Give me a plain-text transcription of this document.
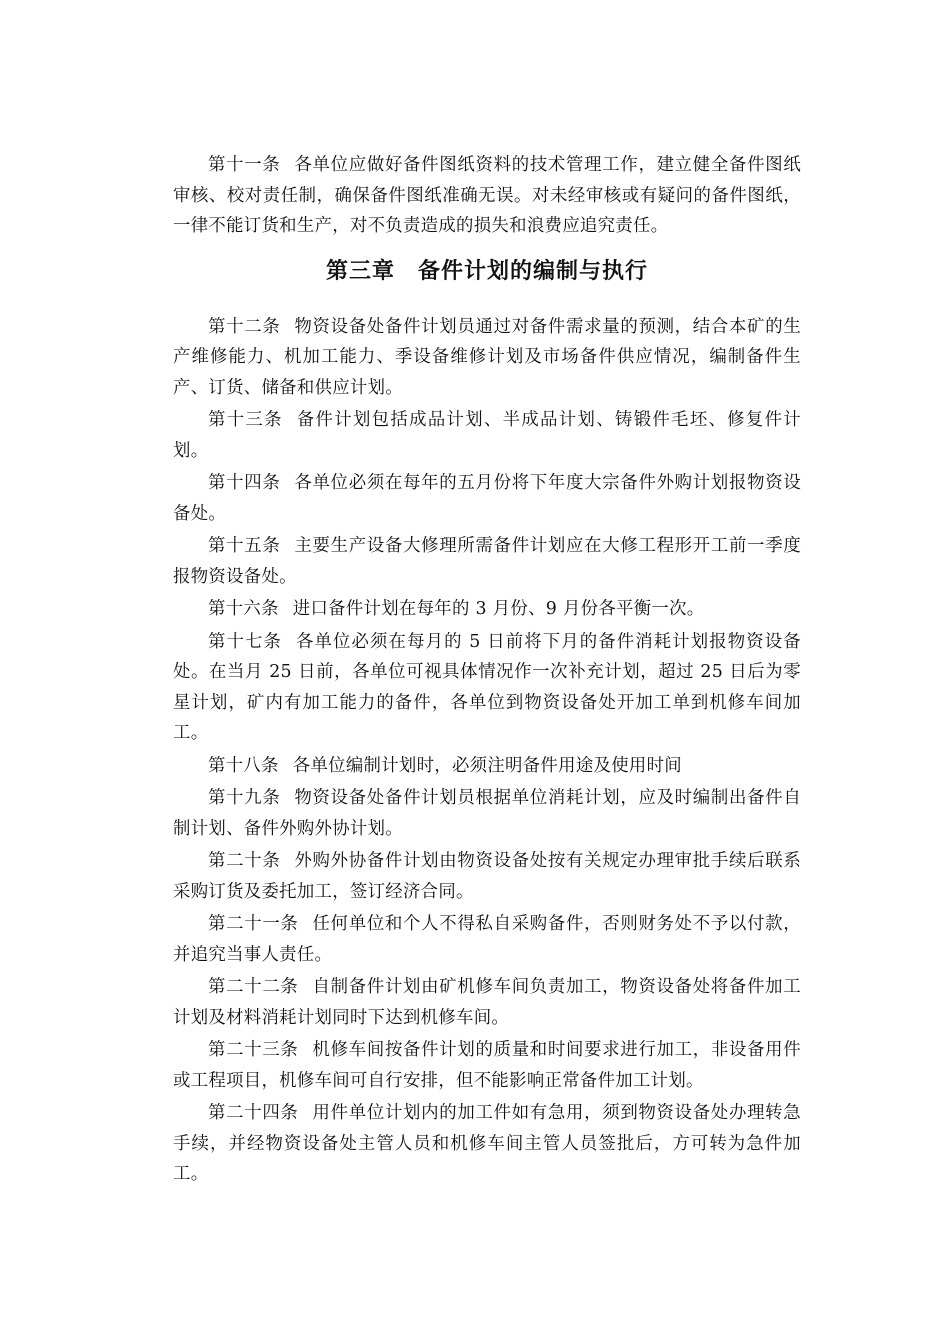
第十一条 各单位应做好备件图纸资料的技术管理工作，建立健全备件图纸审核、校对责任制，确保备件图纸准确无误。对未经审核或有疑问的备件图纸，一律不能订货和生产，对不负责造成的损失和浪费应追究责任。

第三章　备件计划的编制与执行

第十二条 物资设备处备件计划员通过对备件需求量的预测，结合本矿的生产维修能力、机加工能力、季设备维修计划及市场备件供应情况，编制备件生产、订货、储备和供应计划。

第十三条 备件计划包括成品计划、半成品计划、铸锻件毛坯、修复件计划。

第十四条 各单位必须在每年的五月份将下年度大宗备件外购计划报物资设备处。

第十五条 主要生产设备大修理所需备件计划应在大修工程形开工前一季度报物资设备处。

第十六条 进口备件计划在每年的 3 月份、9 月份各平衡一次。

第十七条 各单位必须在每月的 5 日前将下月的备件消耗计划报物资设备处。在当月 25 日前，各单位可视具体情况作一次补充计划，超过 25 日后为零星计划，矿内有加工能力的备件，各单位到物资设备处开加工单到机修车间加工。

第十八条 各单位编制计划时，必须注明备件用途及使用时间

第十九条 物资设备处备件计划员根据单位消耗计划，应及时编制出备件自制计划、备件外购外协计划。

第二十条 外购外协备件计划由物资设备处按有关规定办理审批手续后联系采购订货及委托加工，签订经济合同。

第二十一条 任何单位和个人不得私自采购备件，否则财务处不予以付款，并追究当事人责任。

第二十二条 自制备件计划由矿机修车间负责加工，物资设备处将备件加工计划及材料消耗计划同时下达到机修车间。

第二十三条 机修车间按备件计划的质量和时间要求进行加工，非设备用件或工程项目，机修车间可自行安排，但不能影响正常备件加工计划。

第二十四条 用件单位计划内的加工件如有急用，须到物资设备处办理转急手续，并经物资设备处主管人员和机修车间主管人员签批后，方可转为急件加工。
